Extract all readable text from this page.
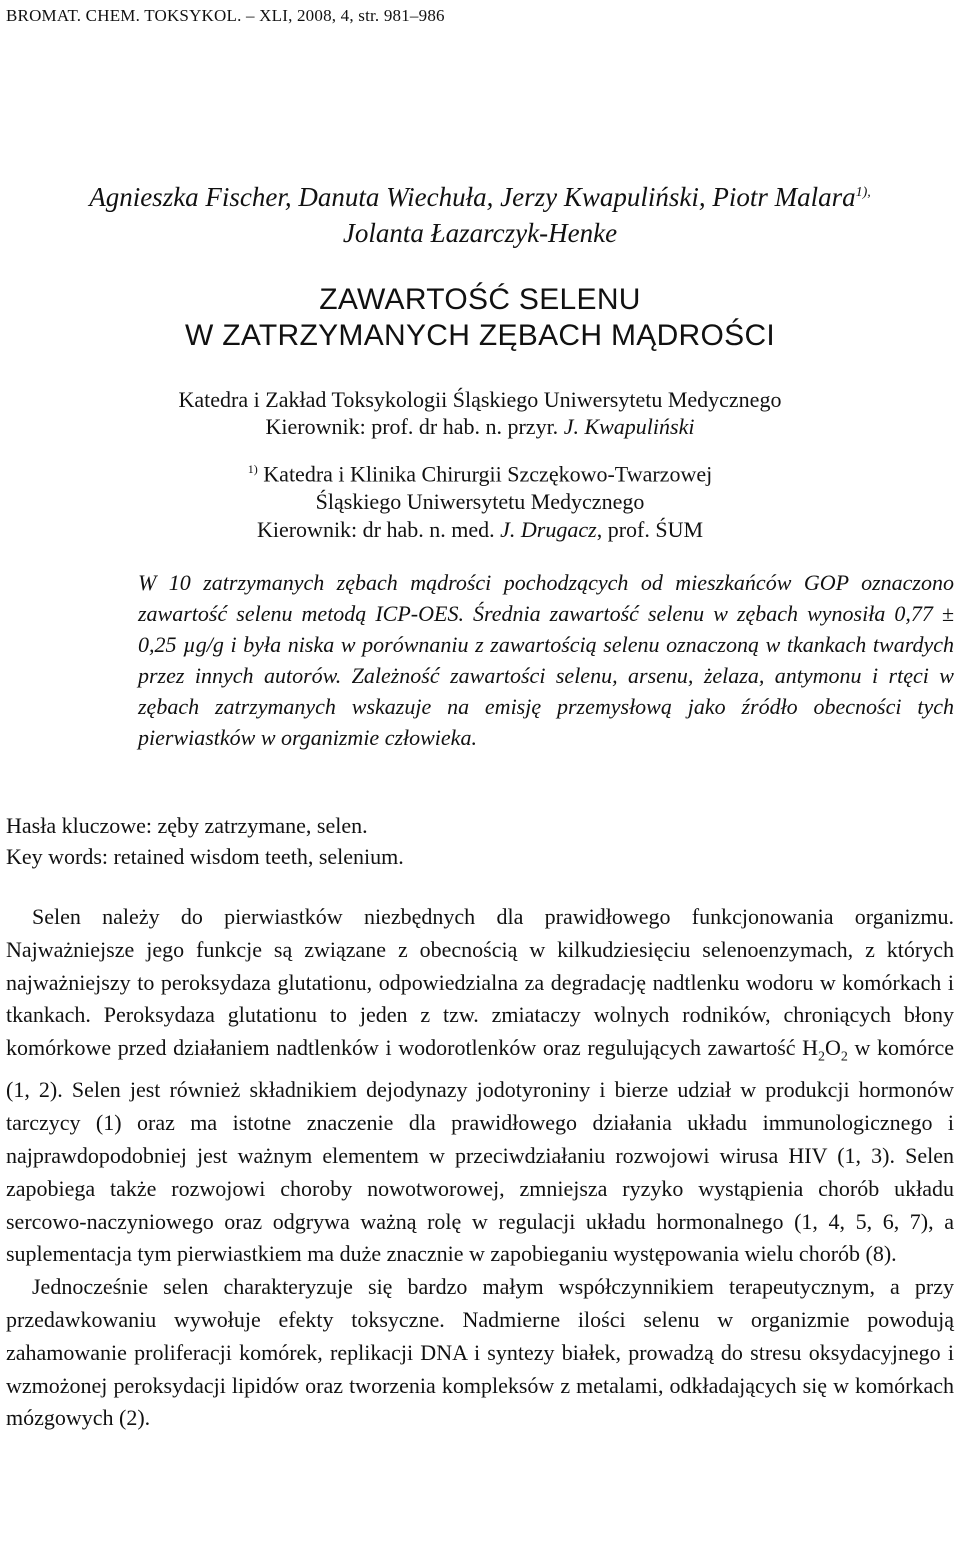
BROMAT. CHEM. TOKSYKOL. – XLI, 2008, 4, str. 981–986
Agnieszka Fischer, Danuta Wiechuła, Jerzy Kwapuliński, Piotr Malara$^{1),}$
Jolanta Łazarczyk-Henke
ZAWARTOŚĆ SELENU
W ZATRZYMANYCH ZĘBACH MĄDROŚCI
Katedra i Zakład Toksykologii Śląskiego Uniwersytetu Medycznego
Kierownik: prof. dr hab. n. przyr. J. Kwapuliński
$^{1)}$ Katedra i Klinika Chirurgii Szczękowo-Twarzowej
Śląskiego Uniwersytetu Medycznego
Kierownik: dr hab. n. med. J. Drugacz, prof. ŚUM

W 10 zatrzymanych zębach mądrości pochodzących od mieszkańców GOP oznaczono zawartość selenu metodą ICP-OES. Średnia zawartość selenu w zębach wynosiła 0,77 ± 0,25 µg/g i była niska w porównaniu z zawartością selenu oznaczoną w tkankach twardych przez innych autorów. Zależność zawartości selenu, arsenu, żelaza, antymonu i rtęci w zębach zatrzymanych wskazuje na emisję przemysłową jako źródło obecności tych pierwiastków w organizmie człowieka.

Hasła kluczowe: zęby zatrzymane, selen.
Key words: retained wisdom teeth, selenium.

Selen należy do pierwiastków niezbędnych dla prawidłowego funkcjonowania organizmu. Najważniejsze jego funkcje są związane z obecnością w kilkudziesięciu selenoenzymach, z których najważniejszy to peroksydaza glutationu, odpowiedzialna za degradację nadtlenku wodoru w komórkach i tkankach. Peroksydaza glutationu to jeden z tzw. zmiataczy wolnych rodników, chroniących błony komórkowe przed działaniem nadtlenków i wodorotlenków oraz regulujących zawartość $H_2O_2$ w komórce (1, 2). Selen jest również składnikiem dejodynazy jodotyroniny i bierze udział w produkcji hormonów tarczycy (1) oraz ma istotne znaczenie dla prawidłowego działania układu immunologicznego i najprawdopodobniej jest ważnym elementem w przeciwdziałaniu rozwojowi wirusa HIV (1, 3). Selen zapobiega także rozwojowi choroby nowotworowej, zmniejsza ryzyko wystąpienia chorób układu sercowo-naczyniowego oraz odgrywa ważną rolę w regulacji układu hormonalnego (1, 4, 5, 6, 7), a suplementacja tym pierwiastkiem ma duże znacznie w zapobieganiu występowania wielu chorób (8).

Jednocześnie selen charakteryzuje się bardzo małym współczynnikiem terapeutycznym, a przy przedawkowaniu wywołuje efekty toksyczne. Nadmierne ilości selenu w organizmie powodują zahamowanie proliferacji komórek, replikacji DNA i syntezy białek, prowadzą do stresu oksydacyjnego i wzmożonej peroksydacji lipidów oraz tworzenia kompleksów z metalami, odkładających się w komórkach mózgowych (2).
